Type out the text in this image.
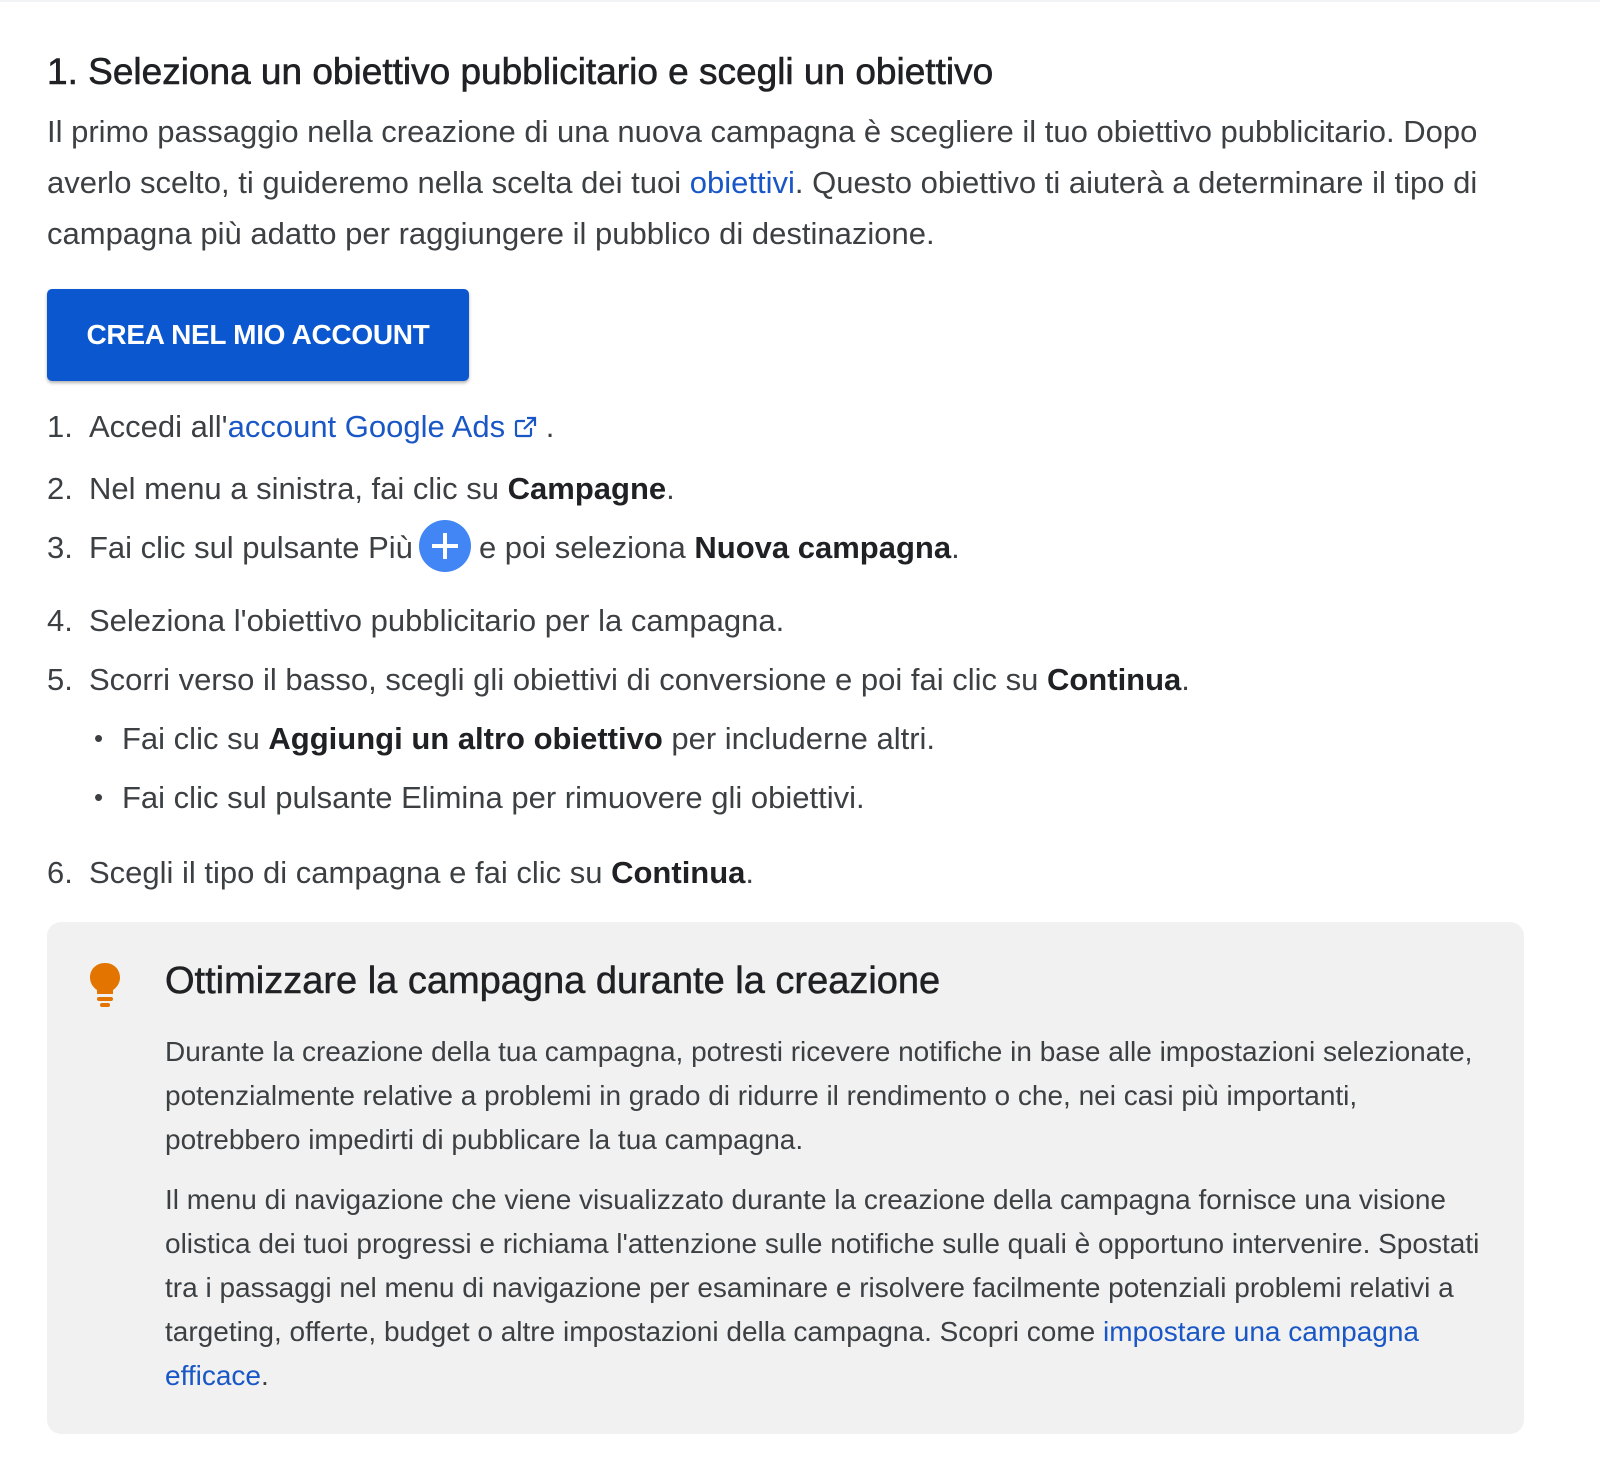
1. Seleziona un obiettivo pubblicitario e scegli un obiettivo

Il primo passaggio nella creazione di una nuova campagna è scegliere il tuo obiettivo pubblicitario. Dopo averlo scelto, ti guideremo nella scelta dei tuoi obiettivi. Questo obiettivo ti aiuterà a determinare il tipo di campagna più adatto per raggiungere il pubblico di destinazione.

CREA NEL MIO ACCOUNT
1. Accedi all'account Google Ads .
2. Nel menu a sinistra, fai clic su Campagne.
3. Fai clic sul pulsante Più e poi seleziona Nuova campagna.
4. Seleziona l'obiettivo pubblicitario per la campagna.
5. Scorri verso il basso, scegli gli obiettivi di conversione e poi fai clic su Continua.
• Fai clic su Aggiungi un altro obiettivo per includerne altri.
• Fai clic sul pulsante Elimina per rimuovere gli obiettivi.
6. Scegli il tipo di campagna e fai clic su Continua.
Ottimizzare la campagna durante la creazione

Durante la creazione della tua campagna, potresti ricevere notifiche in base alle impostazioni selezionate, potenzialmente relative a problemi in grado di ridurre il rendimento o che, nei casi più importanti, potrebbero impedirti di pubblicare la tua campagna.

Il menu di navigazione che viene visualizzato durante la creazione della campagna fornisce una visione olistica dei tuoi progressi e richiama l'attenzione sulle notifiche sulle quali è opportuno intervenire. Spostati tra i passaggi nel menu di navigazione per esaminare e risolvere facilmente potenziali problemi relativi a targeting, offerte, budget o altre impostazioni della campagna. Scopri come impostare una campagna efficace.
